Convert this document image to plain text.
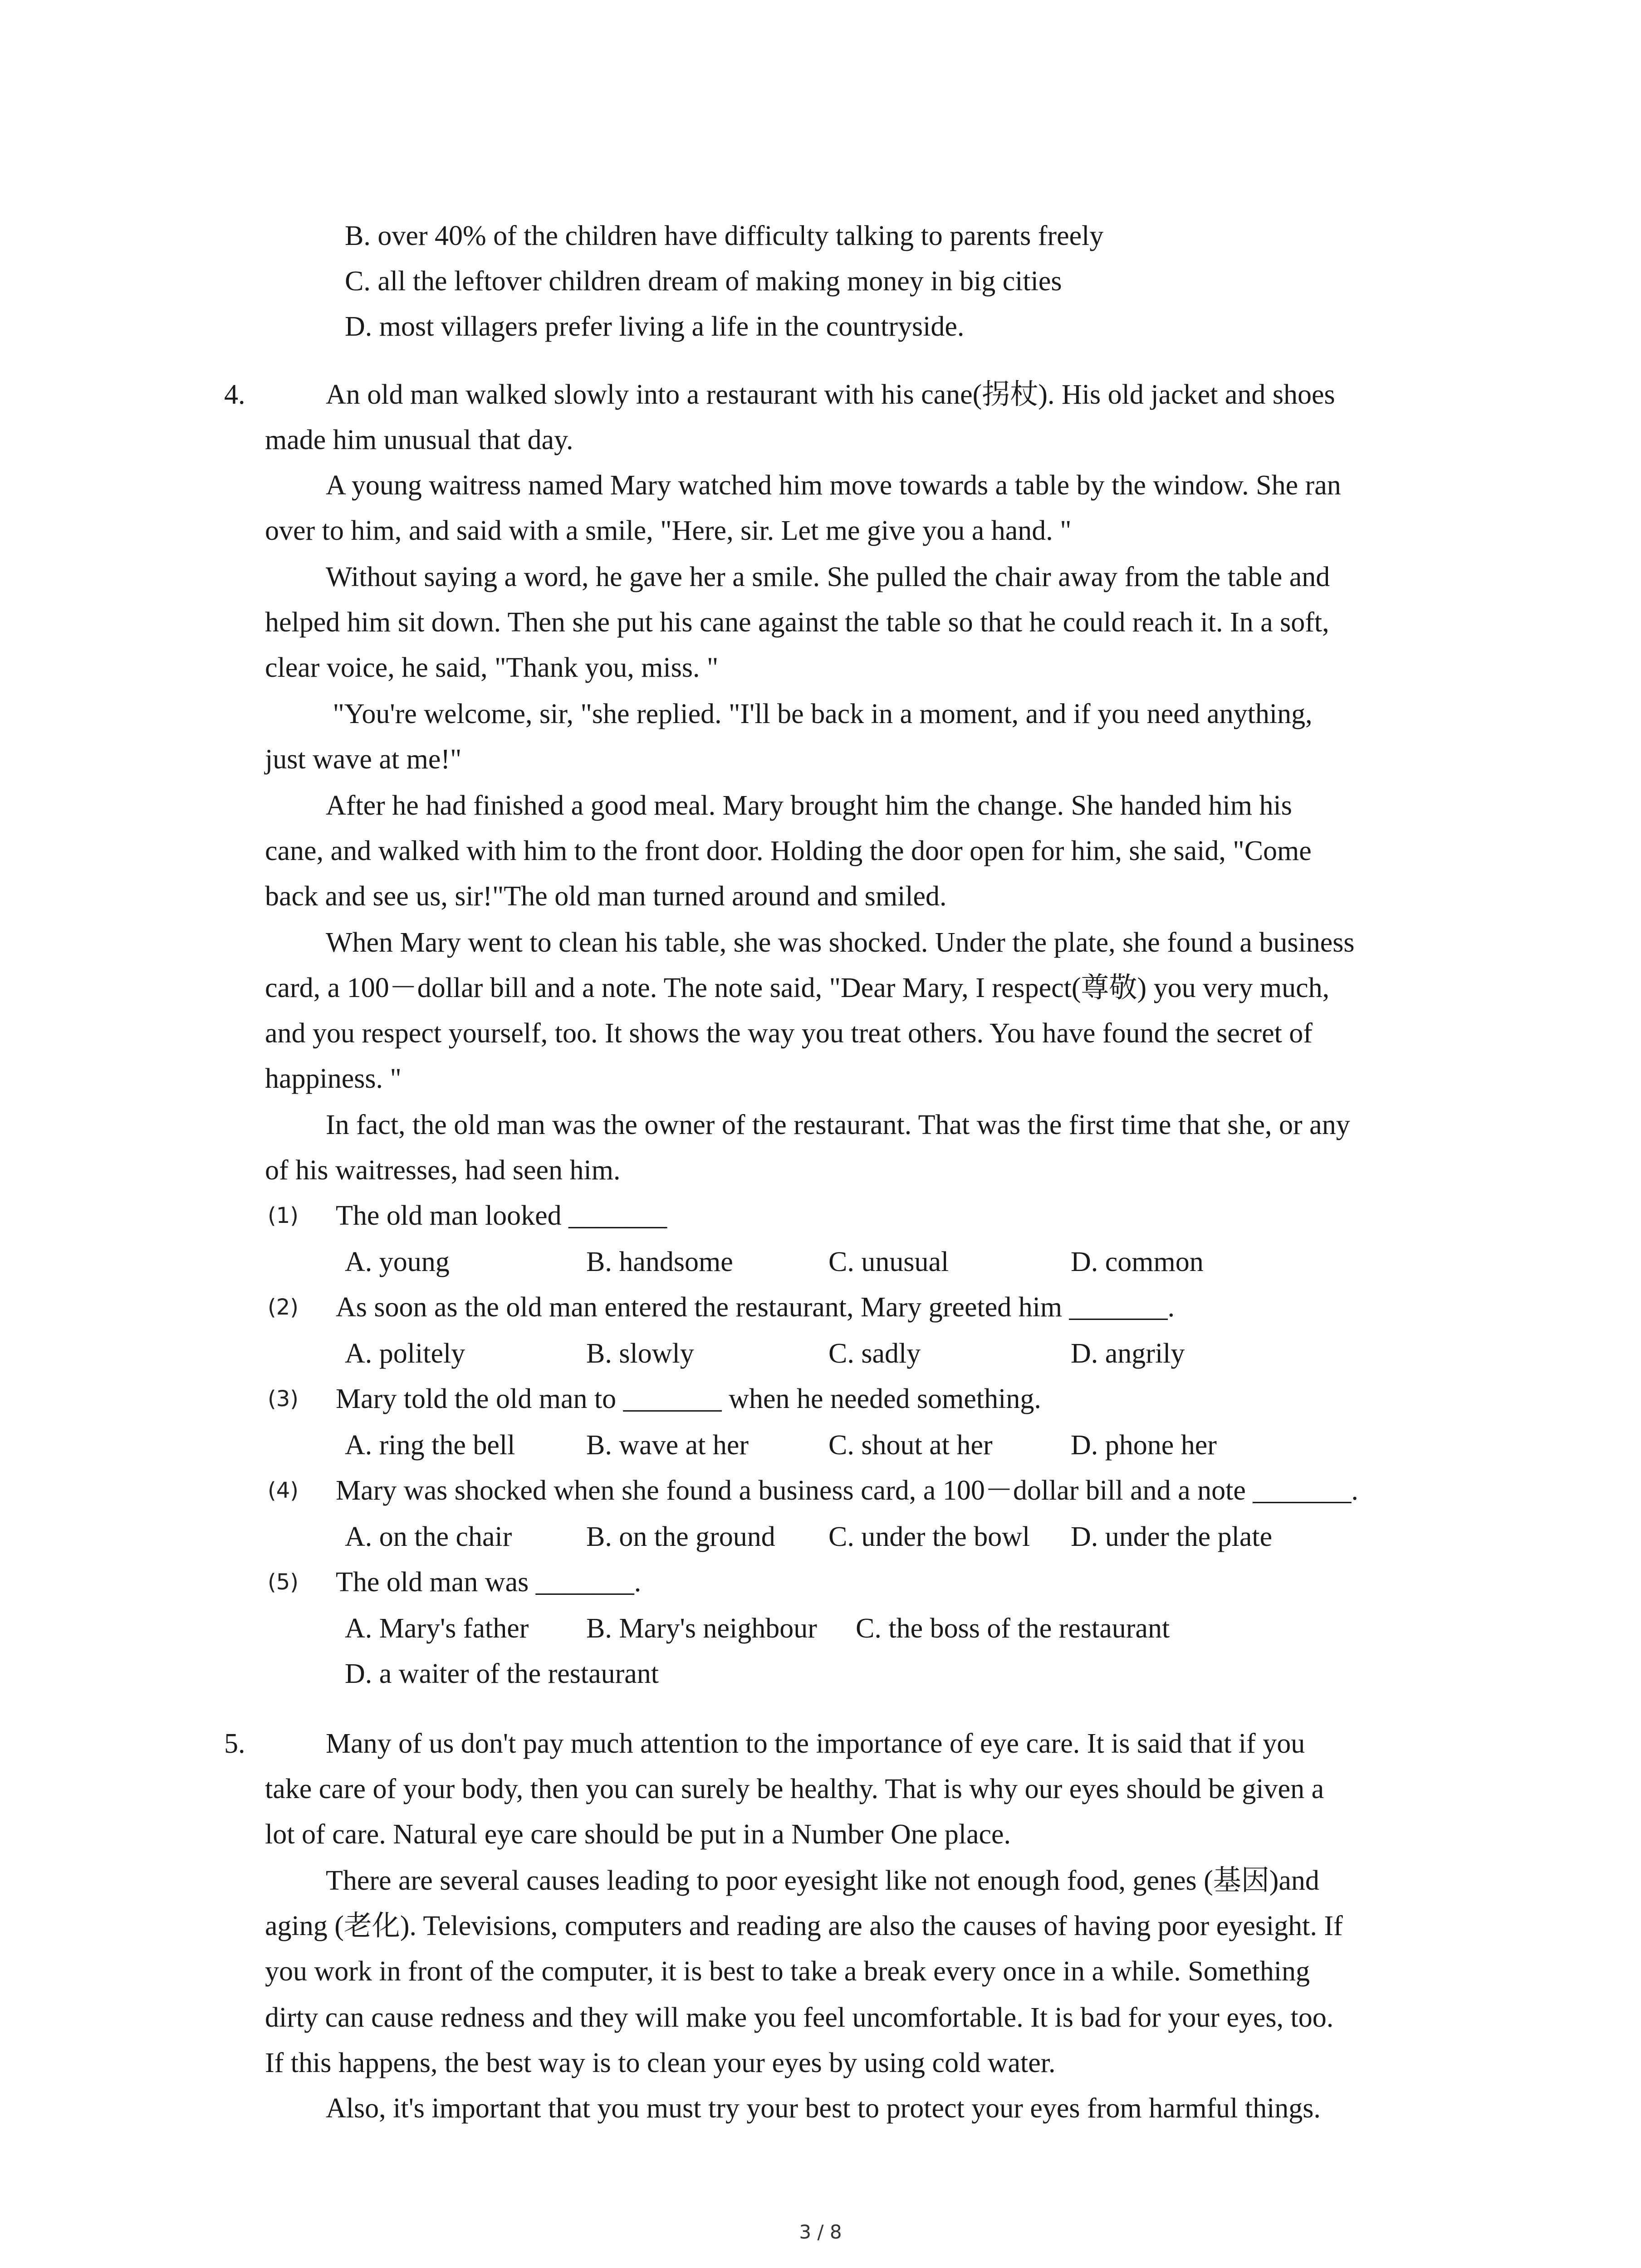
B. over 40% of the children have difficulty talking to parents freely
C. all the leftover children dream of making money in big cities
D. most villagers prefer living a life in the countryside.
4.	An old man walked slowly into a restaurant with his cane(拐杖). His old jacket and shoes
made him unusual that day.
A young waitress named Mary watched him move towards a table by the window. She ran
over to him, and said with a smile, "Here, sir. Let me give you a hand. "
Without saying a word, he gave her a smile. She pulled the chair away from the table and
helped him sit down. Then she put his cane against the table so that he could reach it. In a soft,
clear voice, he said, "Thank you, miss. "
"You're welcome, sir, "she replied. "I'll be back in a moment, and if you need anything,
just wave at me!"
After he had finished a good meal. Mary brought him the change. She handed him his
cane, and walked with him to the front door. Holding the door open for him, she said, "Come
back and see us, sir!"The old man turned around and smiled.
When Mary went to clean his table, she was shocked. Under the plate, she found a business
card, a 100－dollar bill and a note. The note said, "Dear Mary, I respect(尊敬) you very much,
and you respect yourself, too. It shows the way you treat others. You have found the secret of
happiness. "
In fact, the old man was the owner of the restaurant. That was the first time that she, or any
of his waitresses, had seen him.
(1) The old man looked _______
A. young	B. handsome	C. unusual	D. common
(2) As soon as the old man entered the restaurant, Mary greeted him _______.
A. politely	B. slowly	C. sadly	D. angrily
(3) Mary told the old man to _______ when he needed something.
A. ring the bell	B. wave at her	C. shout at her	D. phone her
(4) Mary was shocked when she found a business card, a 100－dollar bill and a note _______.
A. on the chair	B. on the ground C. under the bowl D. under the plate
(5) The old man was _______.
A. Mary's father B. Mary's neighbour C. the boss of the restaurant
D. a waiter of the restaurant
5.	Many of us don't pay much attention to the importance of eye care. It is said that if you
take care of your body, then you can surely be healthy. That is why our eyes should be given a
lot of care. Natural eye care should be put in a Number One place.
There are several causes leading to poor eyesight like not enough food, genes (基因)and
aging (老化). Televisions, computers and reading are also the causes of having poor eyesight. If
you work in front of the computer, it is best to take a break every once in a while. Something
dirty can cause redness and they will make you feel uncomfortable. It is bad for your eyes, too.
If this happens, the best way is to clean your eyes by using cold water.
Also, it's important that you must try your best to protect your eyes from harmful things.
3 / 8
